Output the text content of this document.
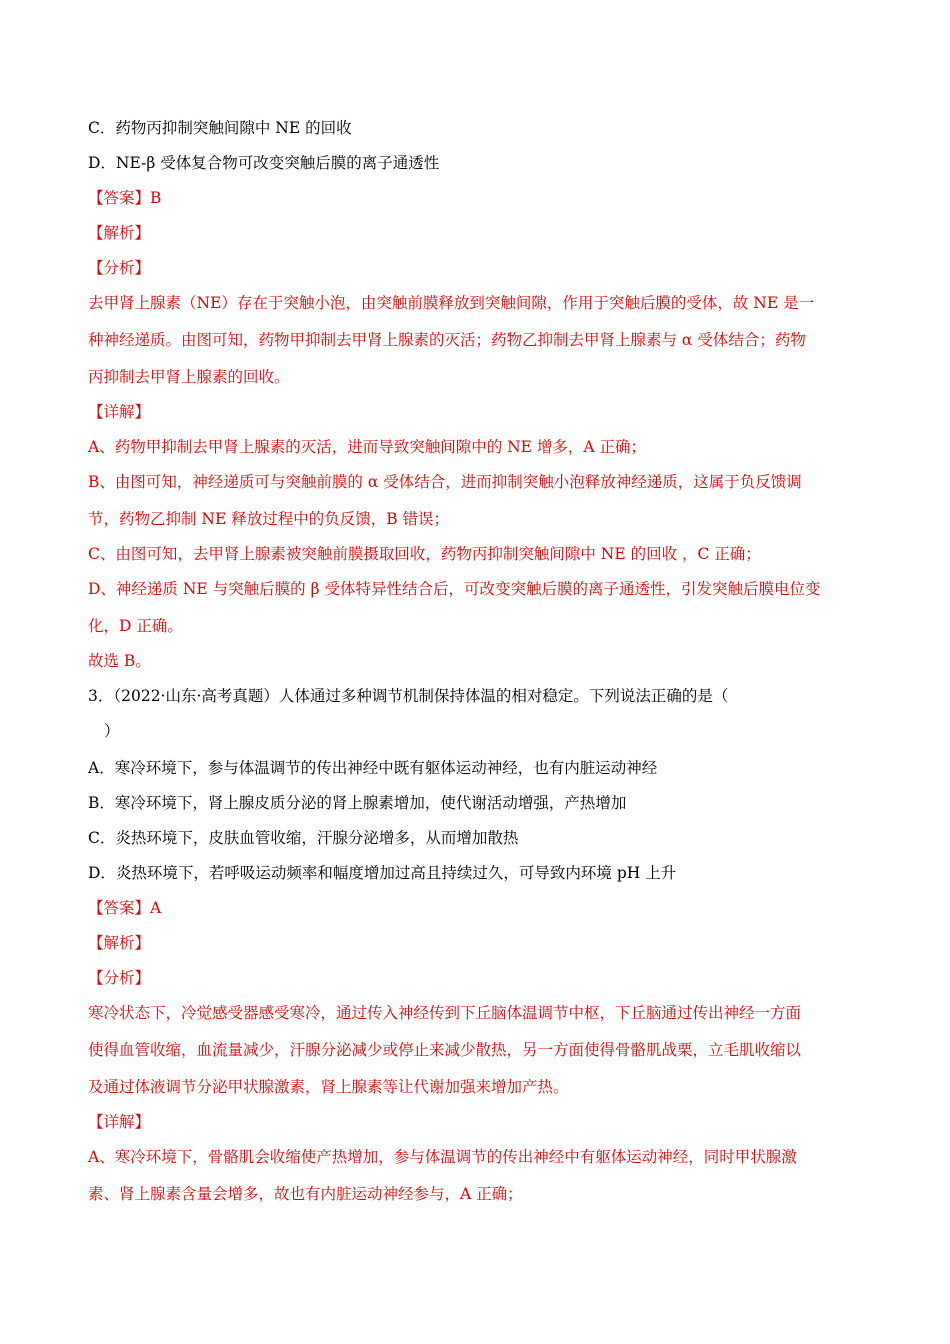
C．药物丙抑制突触间隙中 NE 的回收
D．NE-β 受体复合物可改变突触后膜的离子通透性
【答案】B
【解析】
【分析】
去甲肾上腺素（NE）存在于突触小泡，由突触前膜释放到突触间隙，作用于突触后膜的受体，故 NE 是一
种神经递质。由图可知，药物甲抑制去甲肾上腺素的灭活；药物乙抑制去甲肾上腺素与 α 受体结合；药物
丙抑制去甲肾上腺素的回收。
【详解】
A、药物甲抑制去甲肾上腺素的灭活，进而导致突触间隙中的 NE 增多，A 正确；
B、由图可知，神经递质可与突触前膜的 α 受体结合，进而抑制突触小泡释放神经递质，这属于负反馈调
节，药物乙抑制 NE 释放过程中的负反馈，B 错误；
C、由图可知，去甲肾上腺素被突触前膜摄取回收，药物丙抑制突触间隙中 NE 的回收 ，C 正确；
D、神经递质 NE 与突触后膜的 β 受体特异性结合后，可改变突触后膜的离子通透性，引发突触后膜电位变
化，D 正确。
故选 B。
3．（2022·山东·高考真题）人体通过多种调节机制保持体温的相对稳定。下列说法正确的是（
）
A．寒冷环境下，参与体温调节的传出神经中既有躯体运动神经，也有内脏运动神经
B．寒冷环境下，肾上腺皮质分泌的肾上腺素增加，使代谢活动增强，产热增加
C．炎热环境下，皮肤血管收缩，汗腺分泌增多，从而增加散热
D．炎热环境下，若呼吸运动频率和幅度增加过高且持续过久，可导致内环境 pH 上升
【答案】A
【解析】
【分析】
寒冷状态下，冷觉感受器感受寒冷，通过传入神经传到下丘脑体温调节中枢，下丘脑通过传出神经一方面
使得血管收缩，血流量减少，汗腺分泌减少或停止来减少散热，另一方面使得骨骼肌战栗，立毛肌收缩以
及通过体液调节分泌甲状腺激素，肾上腺素等让代谢加强来增加产热。
【详解】
A、寒冷环境下，骨骼肌会收缩使产热增加，参与体温调节的传出神经中有躯体运动神经，同时甲状腺激
素、肾上腺素含量会增多，故也有内脏运动神经参与，A 正确；
